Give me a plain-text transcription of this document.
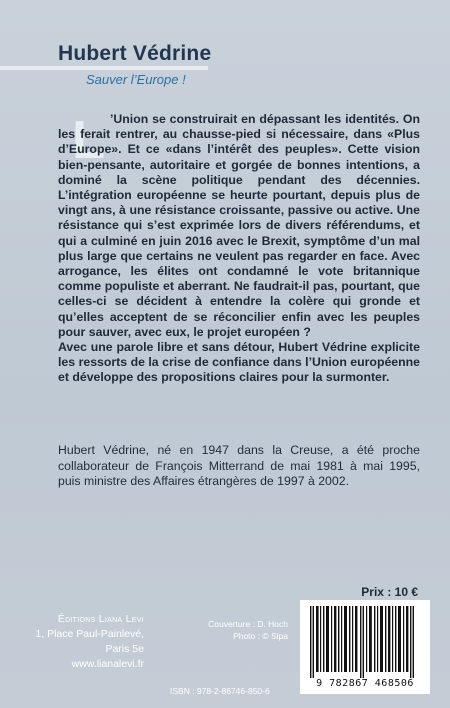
Hubert Védrine
Sauver l’Europe !
L ’Union se construirait en dépassant les identités. On les ferait rentrer, au chausse-pied si nécessaire, dans «Plus d’Europe». Et ce «dans l’intérêt des peuples». Cette vision bien-pensante, autoritaire et gorgée de bonnes intentions, a dominé la scène politique pendant des décennies. L’intégration européenne se heurte pourtant, depuis plus de vingt ans, à une résistance croissante, passive ou active. Une résistance qui s’est exprimée lors de divers référendums, et qui a culminé en juin 2016 avec le Brexit, symptôme d’un mal plus large que certains ne veulent pas regarder en face. Avec arrogance, les élites ont condamné le vote britannique comme populiste et aberrant. Ne faudrait-il pas, pourtant, que celles-ci se décident à entendre la colère qui gronde et qu’elles acceptent de se réconcilier enfin avec les peuples pour sauver, avec eux, le projet européen ?

Avec une parole libre et sans détour, Hubert Védrine explicite les ressorts de la crise de confiance dans l’Union européenne et développe des propositions claires pour la surmonter.

Hubert Védrine, né en 1947 dans la Creuse, a été proche collaborateur de François Mitterrand de mai 1981 à mai 1995, puis ministre des Affaires étrangères de 1997 à 2002.

Prix : 10 €
Éditions Liana Levi
1, Place Paul-Painlevé,
Paris 5e
www.lianalevi.fr
Couverture : D. Hoch
Photo : © Sipa
ISBN : 978-2-86746-850-6
9 782867 468506
